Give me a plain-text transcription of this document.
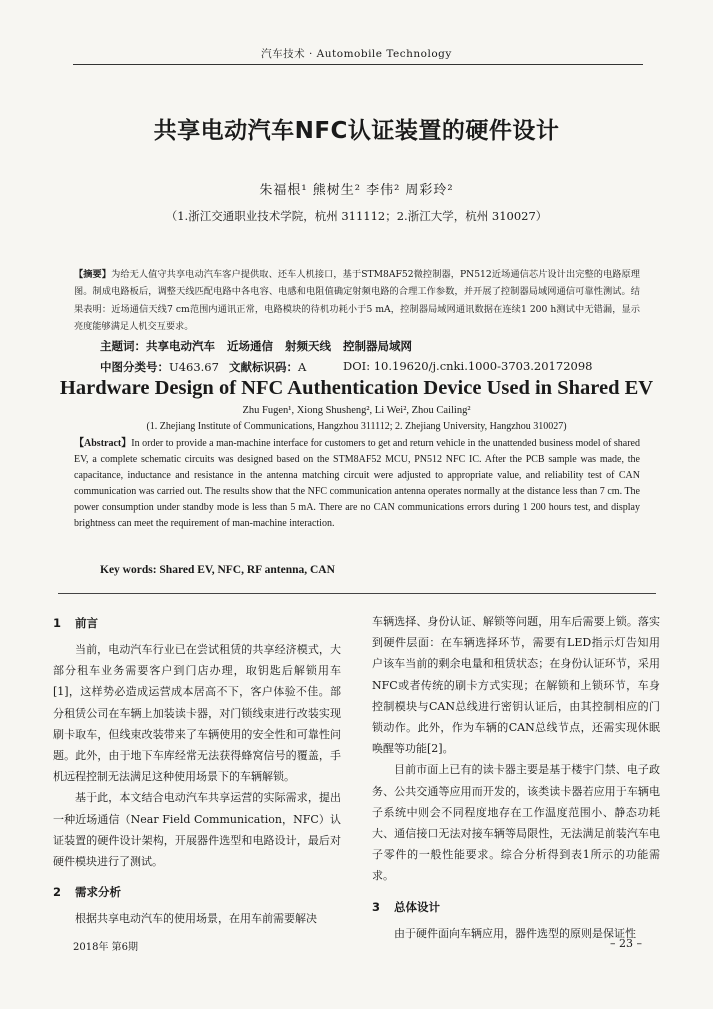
汽车技术 · Automobile Technology
共享电动汽车NFC认证装置的硬件设计
朱福根¹ 熊树生² 李伟² 周彩玲²
（1.浙江交通职业技术学院，杭州 311112；2.浙江大学，杭州 310027）
【摘要】为给无人值守共享电动汽车客户提供取、还车人机接口，基于STM8AF52微控制器，PN512近场通信芯片设计出完整的电路原理图。制成电路板后，调整天线匹配电路中各电容、电感和电阻值确定射频电路的合理工作参数，并开展了控制器局域网通信可靠性测试。结果表明：近场通信天线7 cm范围内通讯正常，电路模块的待机功耗小于5 mA，控制器局域网通讯数据在连续1 200 h测试中无错漏，显示亮度能够满足人机交互要求。
主题词：共享电动汽车 近场通信 射频天线 控制器局域网
中图分类号：U463.67 文献标识码：A	DOI: 10.19620/j.cnki.1000-3703.20172098
Hardware Design of NFC Authentication Device Used in Shared EV
Zhu Fugen¹, Xiong Shusheng², Li Wei², Zhou Cailing²
(1. Zhejiang Institute of Communications, Hangzhou 311112; 2. Zhejiang University, Hangzhou 310027)
【Abstract】In order to provide a man-machine interface for customers to get and return vehicle in the unattended business model of shared EV, a complete schematic circuits was designed based on the STM8AF52 MCU, PN512 NFC IC. After the PCB sample was made, the capacitance, inductance and resistance in the antenna matching circuit were adjusted to appropriate value, and reliability test of CAN communication was carried out. The results show that the NFC communication antenna operates normally at the distance less than 7 cm. The power consumption under standby mode is less than 5 mA. There are no CAN communications errors during 1 200 hours test, and display brightness can meet the requirement of man-machine interaction.
Key words: Shared EV, NFC, RF antenna, CAN
1 前言

当前，电动汽车行业已在尝试租赁的共享经济模式，大部分租车业务需要客户到门店办理，取钥匙后解锁用车[1]，这样势必造成运营成本居高不下，客户体验不佳。部分租赁公司在车辆上加装读卡器，对门锁线束进行改装实现刷卡取车，但线束改装带来了车辆使用的安全性和可靠性问题。此外，由于地下车库经常无法获得蜂窝信号的覆盖，手机远程控制无法满足这种使用场景下的车辆解锁。

基于此，本文结合电动汽车共享运营的实际需求，提出一种近场通信（Near Field Communication，NFC）认证装置的硬件设计架构，开展器件选型和电路设计，最后对硬件模块进行了测试。

2 需求分析

根据共享电动汽车的使用场景，在用车前需要解决

车辆选择、身份认证、解锁等问题，用车后需要上锁。落实到硬件层面：在车辆选择环节，需要有LED指示灯告知用户该车当前的剩余电量和租赁状态；在身份认证环节，采用NFC或者传统的刷卡方式实现；在解锁和上锁环节，车身控制模块与CAN总线进行密钥认证后，由其控制相应的门锁动作。此外，作为车辆的CAN总线节点，还需实现休眠唤醒等功能[2]。

目前市面上已有的读卡器主要是基于楼宇门禁、电子政务、公共交通等应用而开发的，该类读卡器若应用于车辆电子系统中则会不同程度地存在工作温度范围小、静态功耗大、通信接口无法对接车辆等局限性，无法满足前装汽车电子零件的一般性能要求。综合分析得到表1所示的功能需求。

3 总体设计

由于硬件面向车辆应用，器件选型的原则是保证性

2018年 第6期	– 23 –
